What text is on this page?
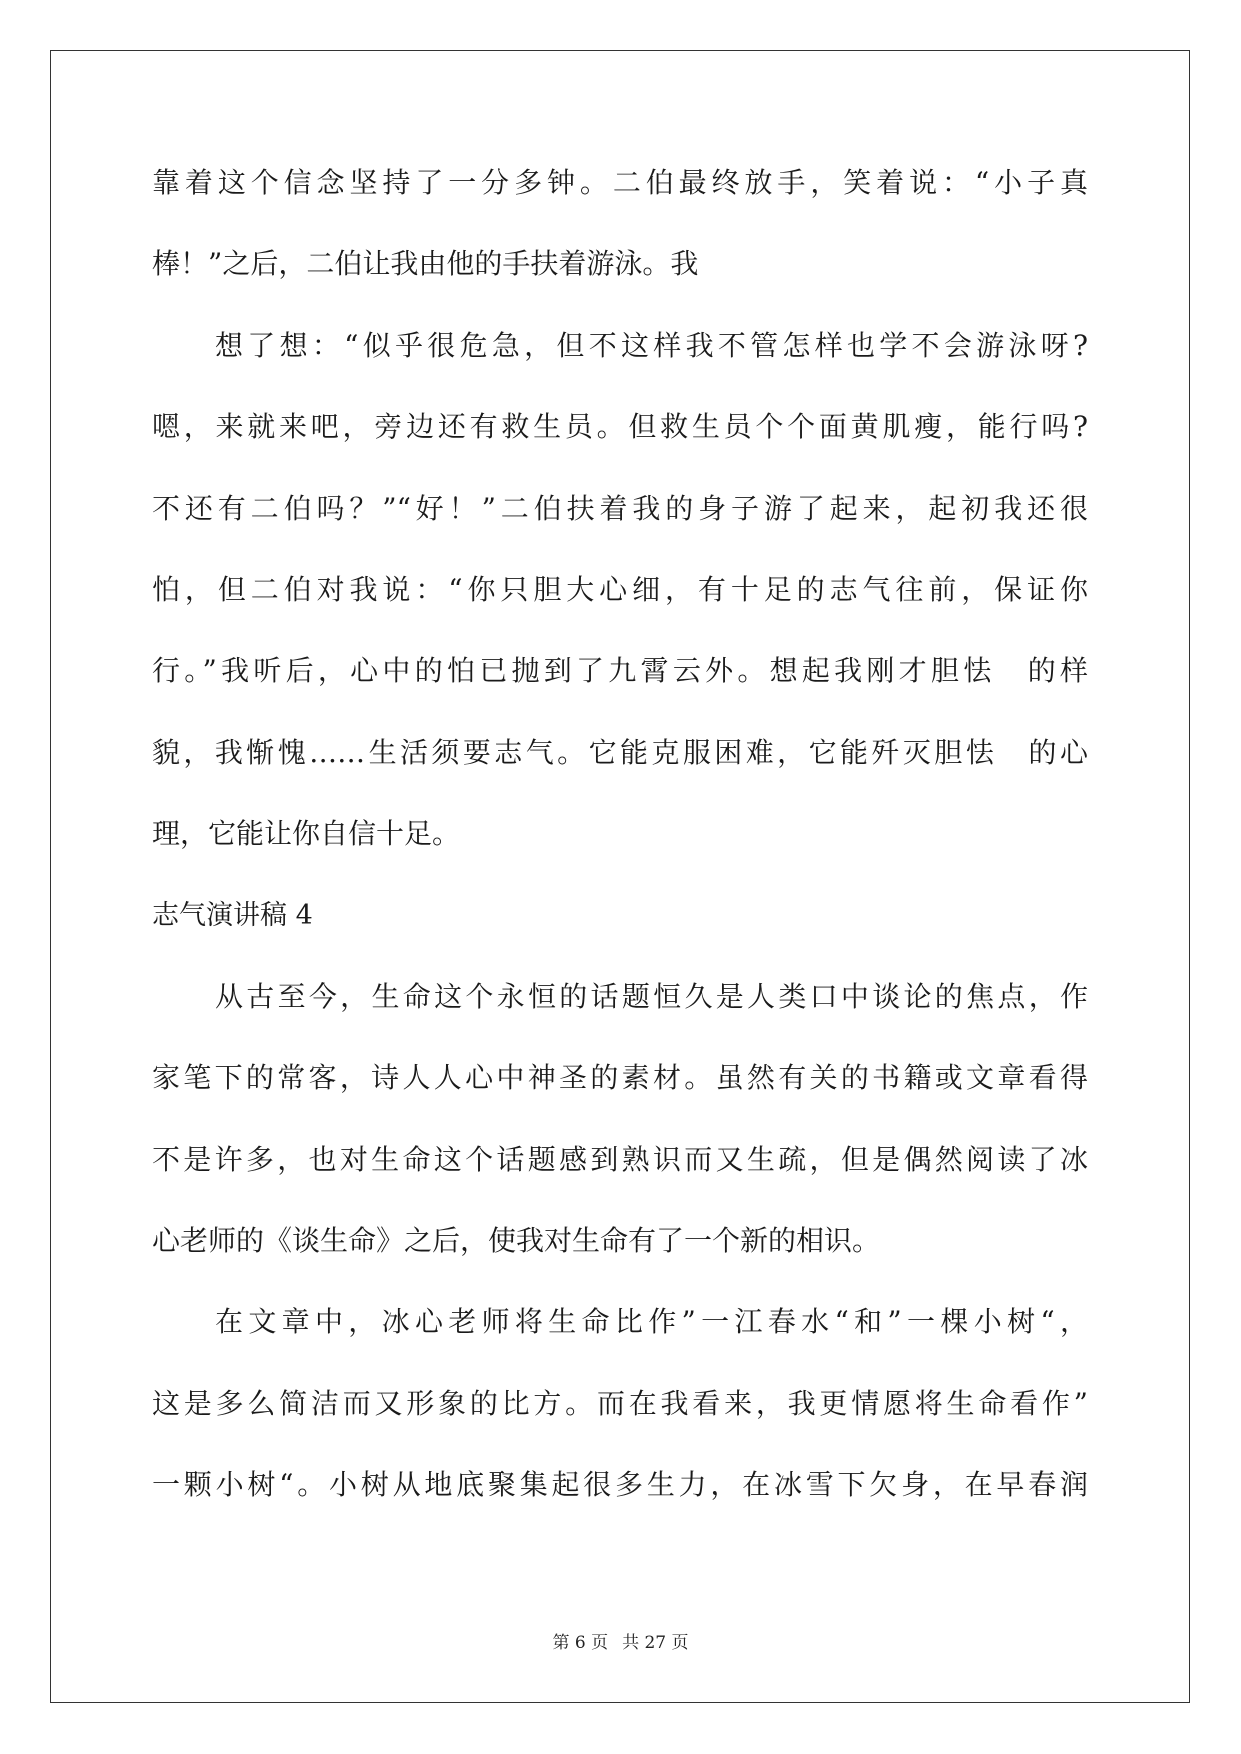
靠着这个信念坚持了一分多钟。二伯最终放手，笑着说：“小子真
棒！”之后，二伯让我由他的手扶着游泳。我
想了想：“似乎很危急，但不这样我不管怎样也学不会游泳呀?
嗯，来就来吧，旁边还有救生员。但救生员个个面黄肌瘦，能行吗?
不还有二伯吗？”“好！”二伯扶着我的身子游了起来，起初我还很
怕，但二伯对我说：“你只胆大心细，有十足的志气往前，保证你
行。”我听后，心中的怕已抛到了九霄云外。想起我刚才胆怯　的样
貌，我惭愧……生活须要志气。它能克服困难，它能歼灭胆怯　的心
理，它能让你自信十足。
志气演讲稿 4
从古至今，生命这个永恒的话题恒久是人类口中谈论的焦点，作
家笔下的常客，诗人人心中神圣的素材。虽然有关的书籍或文章看得
不是许多，也对生命这个话题感到熟识而又生疏，但是偶然阅读了冰
心老师的《谈生命》之后，使我对生命有了一个新的相识。
在文章中，冰心老师将生命比作”一江春水“和”一棵小树“，
这是多么简洁而又形象的比方。而在我看来，我更情愿将生命看作”
一颗小树“。小树从地底聚集起很多生力，在冰雪下欠身，在早春润
第 6 页 共 27 页
